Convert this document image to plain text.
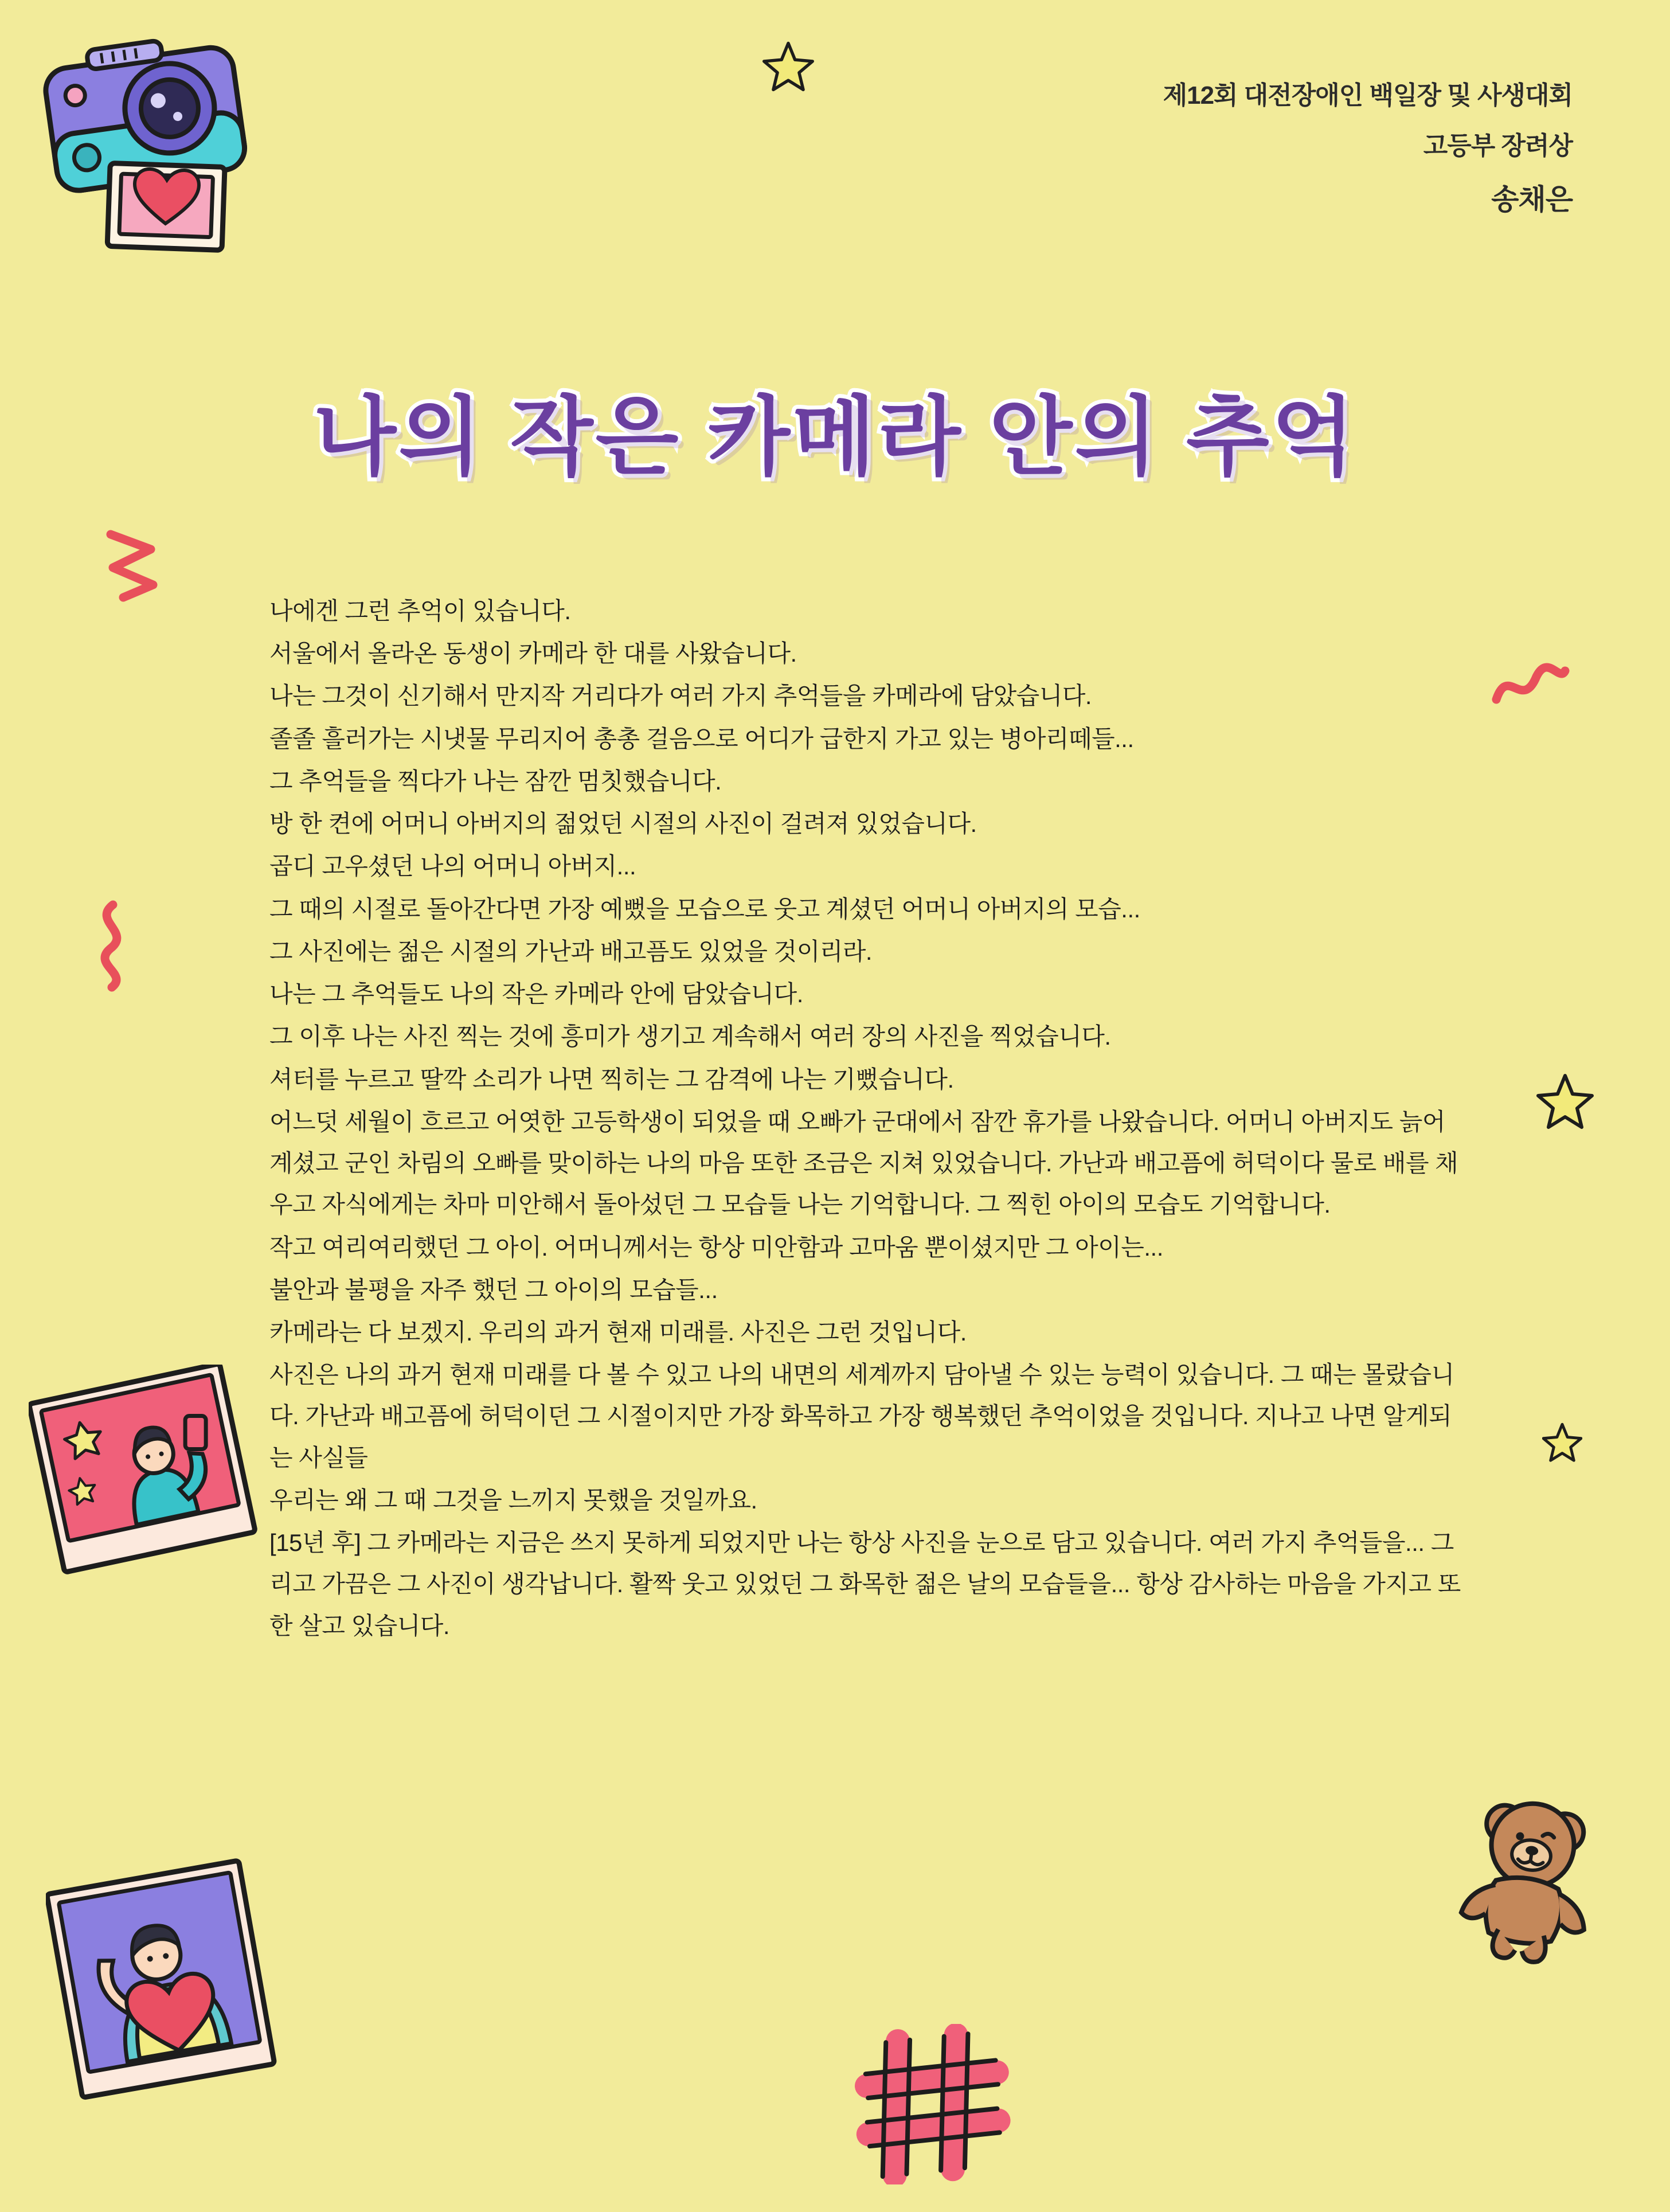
제12회 대전장애인 백일장 및 사생대회
고등부 장려상
송채은
나의 작은 카메라 안의 추억

나에겐 그런 추억이 있습니다.

서울에서 올라온 동생이 카메라 한 대를 사왔습니다.

나는 그것이 신기해서 만지작 거리다가 여러 가지 추억들을 카메라에 담았습니다.

졸졸 흘러가는 시냇물 무리지어 총총 걸음으로 어디가 급한지 가고 있는 병아리떼들...

그 추억들을 찍다가 나는 잠깐 멈칫했습니다.

방 한 켠에 어머니 아버지의 젊었던 시절의 사진이 걸려져 있었습니다.

곱디 고우셨던 나의 어머니 아버지...

그 때의 시절로 돌아간다면 가장 예뻤을 모습으로 웃고 계셨던 어머니 아버지의 모습...

그 사진에는 젊은 시절의 가난과 배고픔도 있었을 것이리라.

나는 그 추억들도 나의 작은 카메라 안에 담았습니다.

그 이후 나는 사진 찍는 것에 흥미가 생기고 계속해서 여러 장의 사진을 찍었습니다.

셔터를 누르고 딸깍 소리가 나면 찍히는 그 감격에 나는 기뻤습니다.

어느덧 세월이 흐르고 어엿한 고등학생이 되었을 때 오빠가 군대에서 잠깐 휴가를 나왔습니다. 어머니 아버지도 늙어 계셨고 군인 차림의 오빠를 맞이하는 나의 마음 또한 조금은 지쳐 있었습니다. 가난과 배고픔에 허덕이다 물로 배를 채우고 자식에게는 차마 미안해서 돌아섰던 그 모습들 나는 기억합니다. 그 찍힌 아이의 모습도 기억합니다.

작고 여리여리했던 그 아이. 어머니께서는 항상 미안함과 고마움 뿐이셨지만 그 아이는...

불안과 불평을 자주 했던 그 아이의 모습들...

카메라는 다 보겠지. 우리의 과거 현재 미래를. 사진은 그런 것입니다.

사진은 나의 과거 현재 미래를 다 볼 수 있고 나의 내면의 세계까지 담아낼 수 있는 능력이 있습니다. 그 때는 몰랐습니다. 가난과 배고픔에 허덕이던 그 시절이지만 가장 화목하고 가장 행복했던 추억이었을 것입니다. 지나고 나면 알게되는 사실들

우리는 왜 그 때 그것을 느끼지 못했을 것일까요.

[15년 후] 그 카메라는 지금은 쓰지 못하게 되었지만 나는 항상 사진을 눈으로 담고 있습니다. 여러 가지 추억들을... 그리고 가끔은 그 사진이 생각납니다. 활짝 웃고 있었던 그 화목한 젊은 날의 모습들을... 항상 감사하는 마음을 가지고 또한 살고 있습니다.
